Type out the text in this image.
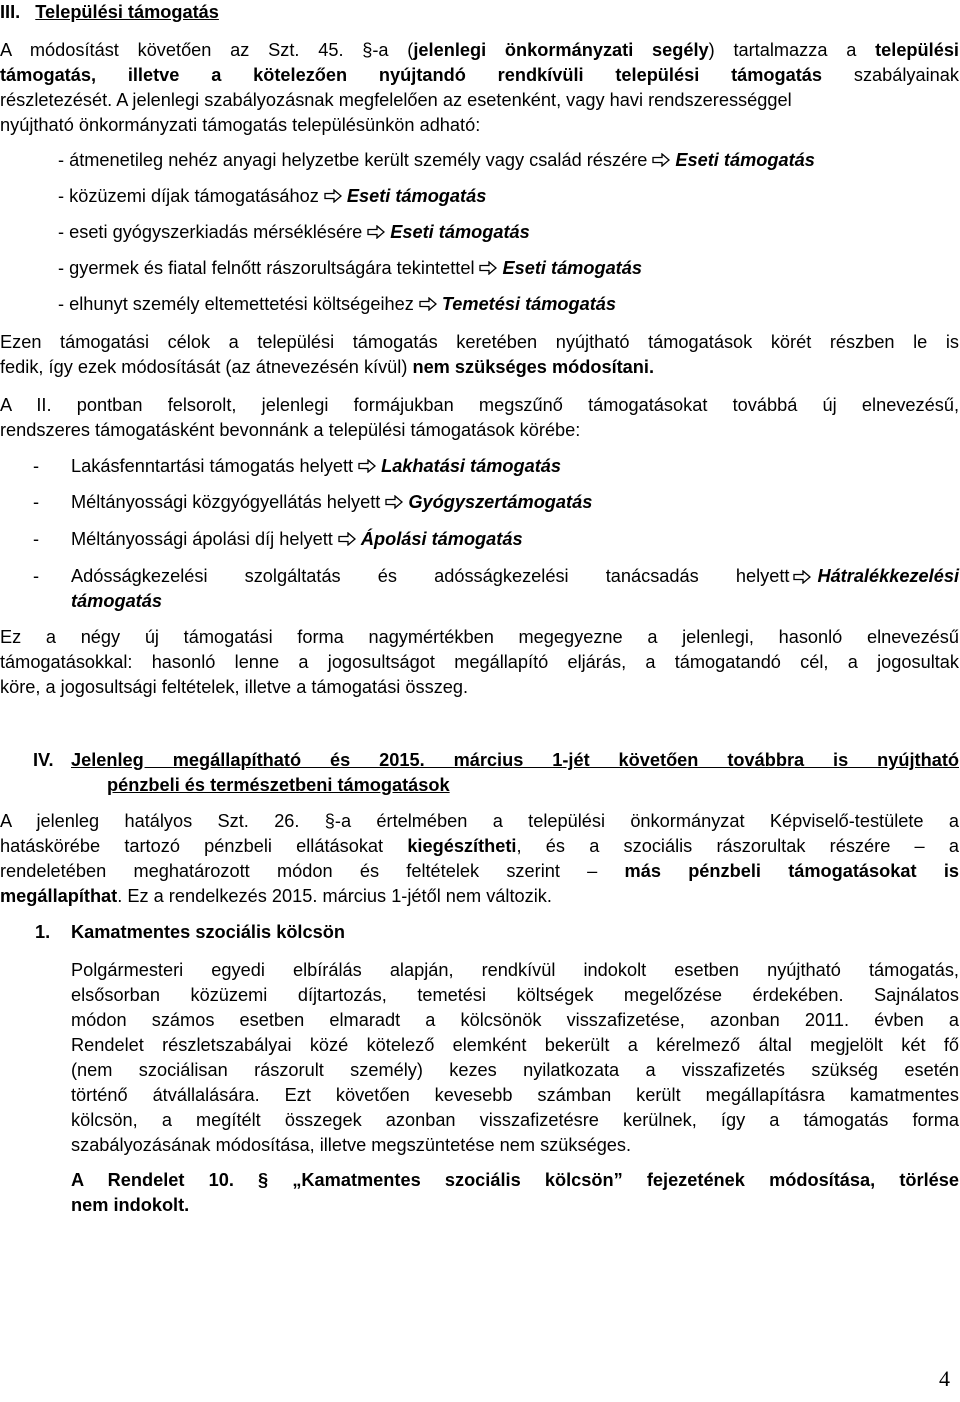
III. Települési támogatás
A módosítást követően az Szt. 45. §-a (jelenlegi önkormányzati segély) tartalmazza a települési
támogatás, illetve a kötelezően nyújtandó rendkívüli települési támogatás szabályainak
részletezését. A jelenlegi szabályozásnak megfelelően az esetenként, vagy havi rendszerességgel
nyújtható önkormányzati támogatás településünkön adható:
- átmenetileg nehéz anyagi helyzetbe került személy vagy család részére Eseti támogatás
- közüzemi díjak támogatásához Eseti támogatás
- eseti gyógyszerkiadás mérséklésére Eseti támogatás
- gyermek és fiatal felnőtt rászorultságára tekintettel Eseti támogatás
- elhunyt személy eltemettetési költségeihez Temetési támogatás
Ezen támogatási célok a települési támogatás keretében nyújtható támogatások körét részben le is
fedik, így ezek módosítását (az átnevezésén kívül) nem szükséges módosítani.
A II. pontban felsorolt, jelenlegi formájukban megszűnő támogatásokat továbbá új elnevezésű,
rendszeres támogatásként bevonnánk a települési támogatások körébe:
- Lakásfenntartási támogatás helyett Lakhatási támogatás
- Méltányossági közgyógyellátás helyett Gyógyszertámogatás
- Méltányossági ápolási díj helyett Ápolási támogatás
- Adósságkezelési szolgáltatás és adósságkezelési tanácsadás helyett Hátralékkezelési
támogatás
Ez a négy új támogatási forma nagymértékben megegyezne a jelenlegi, hasonló elnevezésű
támogatásokkal: hasonló lenne a jogosultságot megállapító eljárás, a támogatandó cél, a jogosultak
köre, a jogosultsági feltételek, illetve a támogatási összeg.
IV. Jelenleg megállapítható és 2015. március 1-jét követően továbbra is nyújtható
pénzbeli és természetbeni támogatások
A jelenleg hatályos Szt. 26. §-a értelmében a települési önkormányzat Képviselő-testülete a
hatáskörébe tartozó pénzbeli ellátásokat kiegészítheti, és a szociális rászorultak részére – a
rendeletében meghatározott módon és feltételek szerint – más pénzbeli támogatásokat is
megállapíthat. Ez a rendelkezés 2015. március 1-jétől nem változik.
1. Kamatmentes szociális kölcsön
Polgármesteri egyedi elbírálás alapján, rendkívül indokolt esetben nyújtható támogatás,
elsősorban közüzemi díjtartozás, temetési költségek megelőzése érdekében. Sajnálatos
módon számos esetben elmaradt a kölcsönök visszafizetése, azonban 2011. évben a
Rendelet részletszabályai közé kötelező elemként bekerült a kérelmező által megjelölt két fő
(nem szociálisan rászorult személy) kezes nyilatkozata a visszafizetés szükség esetén
történő átvállalására. Ezt követően kevesebb számban került megállapításra kamatmentes
kölcsön, a megítélt összegek azonban visszafizetésre kerülnek, így a támogatás forma
szabályozásának módosítása, illetve megszüntetése nem szükséges.
A Rendelet 10. § „Kamatmentes szociális kölcsön” fejezetének módosítása, törlése
nem indokolt.
4
